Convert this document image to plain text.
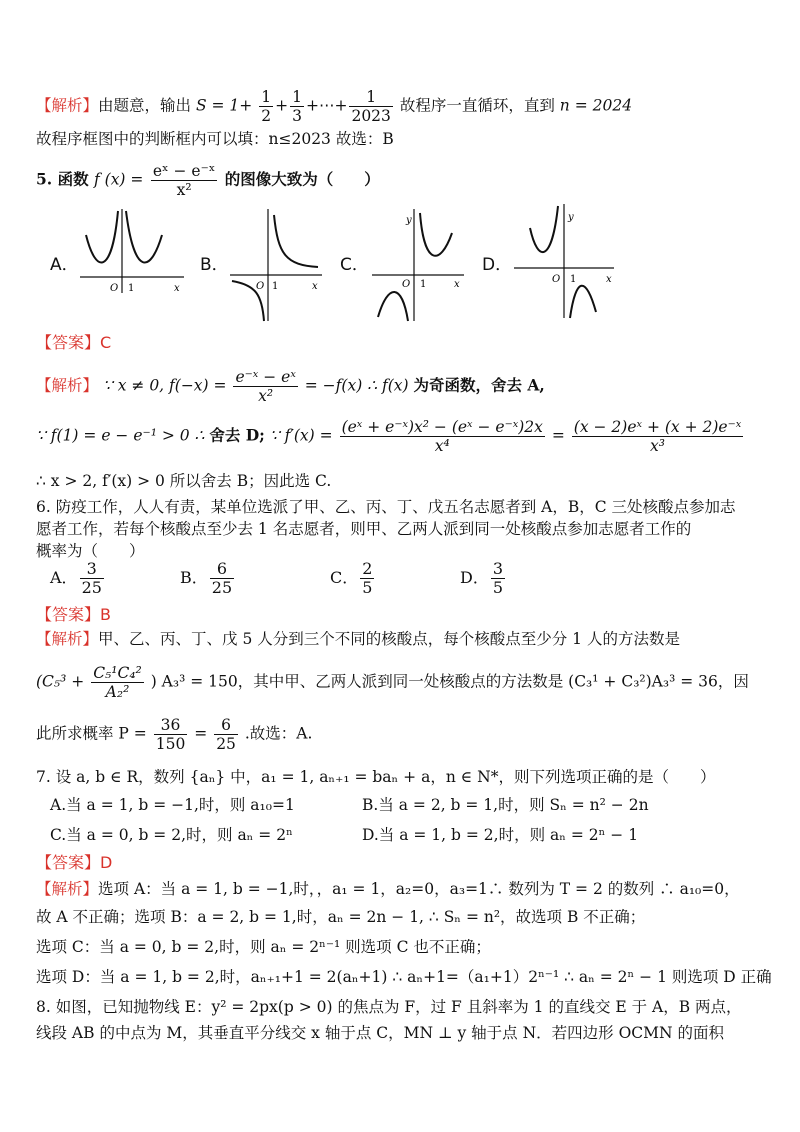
【解析】由题意，输出 $S = 1+ \frac{1}{2} + \frac{1}{3}$ +⋯+ $\frac{1}{2023}$ 故程序一直循环，直到 n = 2024
故程序框图中的判断框内可以填：n≤2023 故选：B
5. 函数 f $(x) = \frac{\text{eˣ − e⁻ˣ}}{\text{x²}}$ 的图像大致为（　　）
A．
O 1	x
B．
O 1	x
C．
O 1	x
y
D．
O 1	x
y
【答案】C
【解析】 ∵ x ≠ 0, $f(-x) = \frac{\text{e⁻ˣ − eˣ}}{\text{x²}} = -f(x)$ ∴ f(x) 为奇函数，舍去 A,
∵ f(1) = e − e⁻¹ > 0 ∴ 舍去 D; ∵ $f'(x) = \frac{\text{(eˣ + e⁻ˣ)x² − (eˣ − e⁻ˣ)2x}}{\text{x⁴}} = \frac{\text{(x − 2)eˣ + (x + 2)e⁻ˣ}}{\text{x³}}$
∴ x > 2, f′(x) > 0 所以舍去 B；因此选 C.
6. 防疫工作，人人有责，某单位选派了甲、乙、丙、丁、戊五名志愿者到 A，B，C 三处核酸点参加志
愿者工作，若每个核酸点至少去 1 名志愿者，则甲、乙两人派到同一处核酸点参加志愿者工作的
概率为（　　）
A． $\frac{3}{25}$	B． $\frac{6}{25}$	C． $\frac{2}{5}$	D． $\frac{3}{5}$
【答案】B
【解析】甲、乙、丙、丁、戊 5 人分到三个不同的核酸点，每个核酸点至少分 1 人的方法数是
($C_5^3 + \frac{\text{C₅¹C₄²}}{\text{A₂²}}$ ) A₃³ = 150，其中甲、乙两人派到同一处核酸点的方法数是 (C₃¹ + C₃²)A₃³ = 36，因
此所求概率 $P = \frac{36}{150} = \frac{6}{25}$ .故选：A.
7. 设 a, b ∈ R，数列 {aₙ} 中，a₁ = 1, aₙ₊₁ = baₙ + a，n ∈ N*，则下列选项正确的是（　　）
A.当 a = 1, b = −1,时，则 a₁₀=1	B.当 a = 2, b = 1,时，则 Sₙ = n² − 2n
C.当 a = 0, b = 2,时，则 aₙ = 2ⁿ	D.当 a = 1, b = 2,时，则 aₙ = 2ⁿ − 1
【答案】D
【解析】选项 A：当 a = 1, b = −1,时，，a₁ = 1，a₂=0，a₃=1∴ 数列为 T = 2 的数列 ∴ a₁₀=0，
故 A 不正确；选项 B：a = 2, b = 1,时，aₙ = 2n − 1, ∴ Sₙ = n²，故选项 B 不正确；
选项 C：当 a = 0, b = 2,时，则 aₙ = 2ⁿ⁻¹ 则选项 C 也不正确；
选项 D：当 a = 1, b = 2,时，aₙ₊₁+1 = 2(aₙ+1) ∴ aₙ+1=（a₁+1）2ⁿ⁻¹ ∴ aₙ = 2ⁿ − 1 则选项 D 正确
8. 如图，已知抛物线 E：y² = 2px(p > 0) 的焦点为 F，过 F 且斜率为 1 的直线交 E 于 A，B 两点，
线段 AB 的中点为 M，其垂直平分线交 x 轴于点 C，MN ⊥ y 轴于点 N．若四边形 OCMN 的面积
